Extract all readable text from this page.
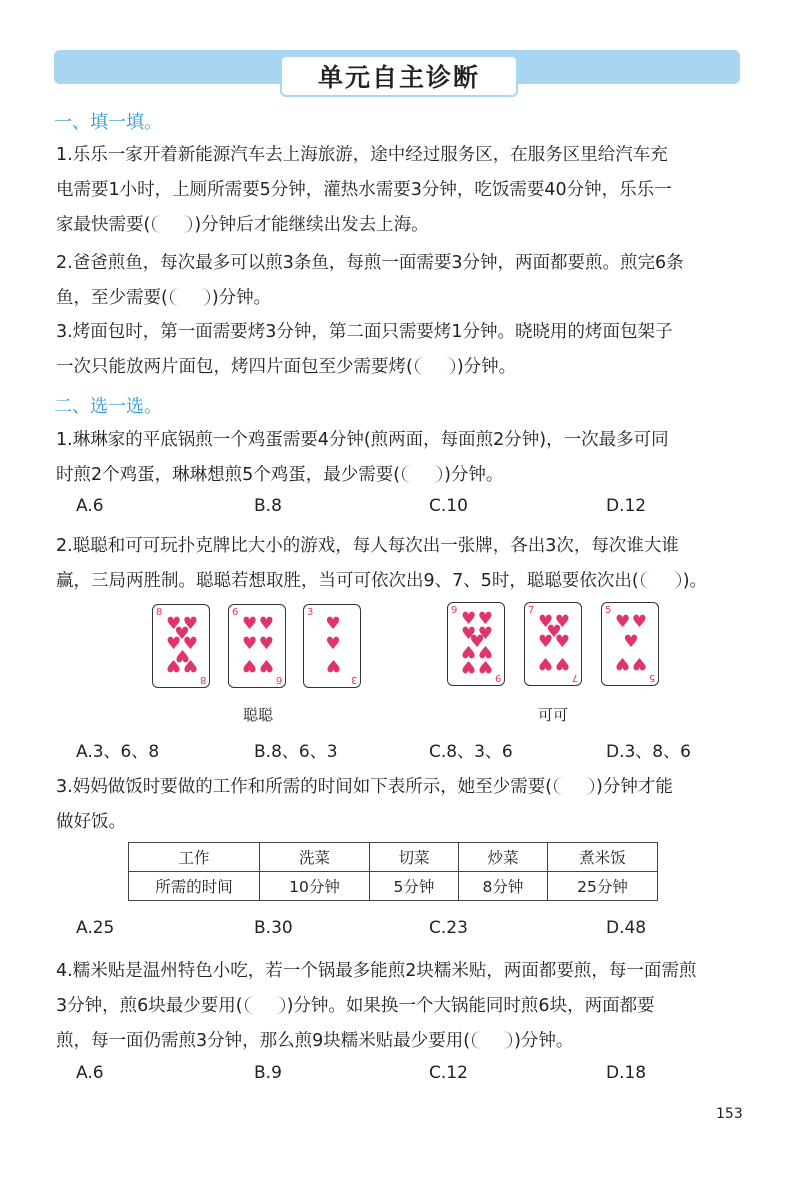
单元自主诊断
一、填一填。
1.乐乐一家开着新能源汽车去上海旅游，途中经过服务区，在服务区里给汽车充
电需要1小时，上厕所需要5分钟，灌热水需要3分钟，吃饭需要40分钟，乐乐一
家最快需要(	)分钟后才能继续出发去上海。
2.爸爸煎鱼，每次最多可以煎3条鱼，每煎一面需要3分钟，两面都要煎。煎完6条
鱼，至少需要(	)分钟。
3.烤面包时，第一面需要烤3分钟，第二面只需要烤1分钟。晓晓用的烤面包架子
一次只能放两片面包，烤四片面包至少需要烤(	)分钟。
二、选一选。
1.琳琳家的平底锅煎一个鸡蛋需要4分钟(煎两面，每面煎2分钟)，一次最多可同
时煎2个鸡蛋，琳琳想煎5个鸡蛋，最少需要(	)分钟。
A.6	B.8	C.10	D.12
2.聪聪和可可玩扑克牌比大小的游戏，每人每次出一张牌，各出3次，每次谁大谁
赢，三局两胜制。聪聪若想取胜，当可可依次出9、7、5时，聪聪要依次出(	)。
8
8
♥ ♥
♥
♥ ♥
♥
♥ ♥
6
6
♥ ♥
♥ ♥
♥ ♥
3
3
♥
♥
♥
聪聪
9
9
♥ ♥
♥ ♥
♥
♥ ♥
♥ ♥
7
7
♥ ♥
♥
♥ ♥
♥ ♥
5
5
♥ ♥
♥
♥ ♥
可可
A.3、6、8	B.8、6、3	C.8、3、6	D.3、8、6
3.妈妈做饭时要做的工作和所需的时间如下表所示，她至少需要(	)分钟才能
做好饭。
工作	洗菜	切菜	炒菜	煮米饭
所需的时间	10分钟	5分钟	8分钟	25分钟
A.25	B.30	C.23	D.48
4.糯米贴是温州特色小吃，若一个锅最多能煎2块糯米贴，两面都要煎，每一面需煎
3分钟，煎6块最少要用(	)分钟。如果换一个大锅能同时煎6块，两面都要
煎，每一面仍需煎3分钟，那么煎9块糯米贴最少要用(	)分钟。
A.6	B.9	C.12	D.18
153
